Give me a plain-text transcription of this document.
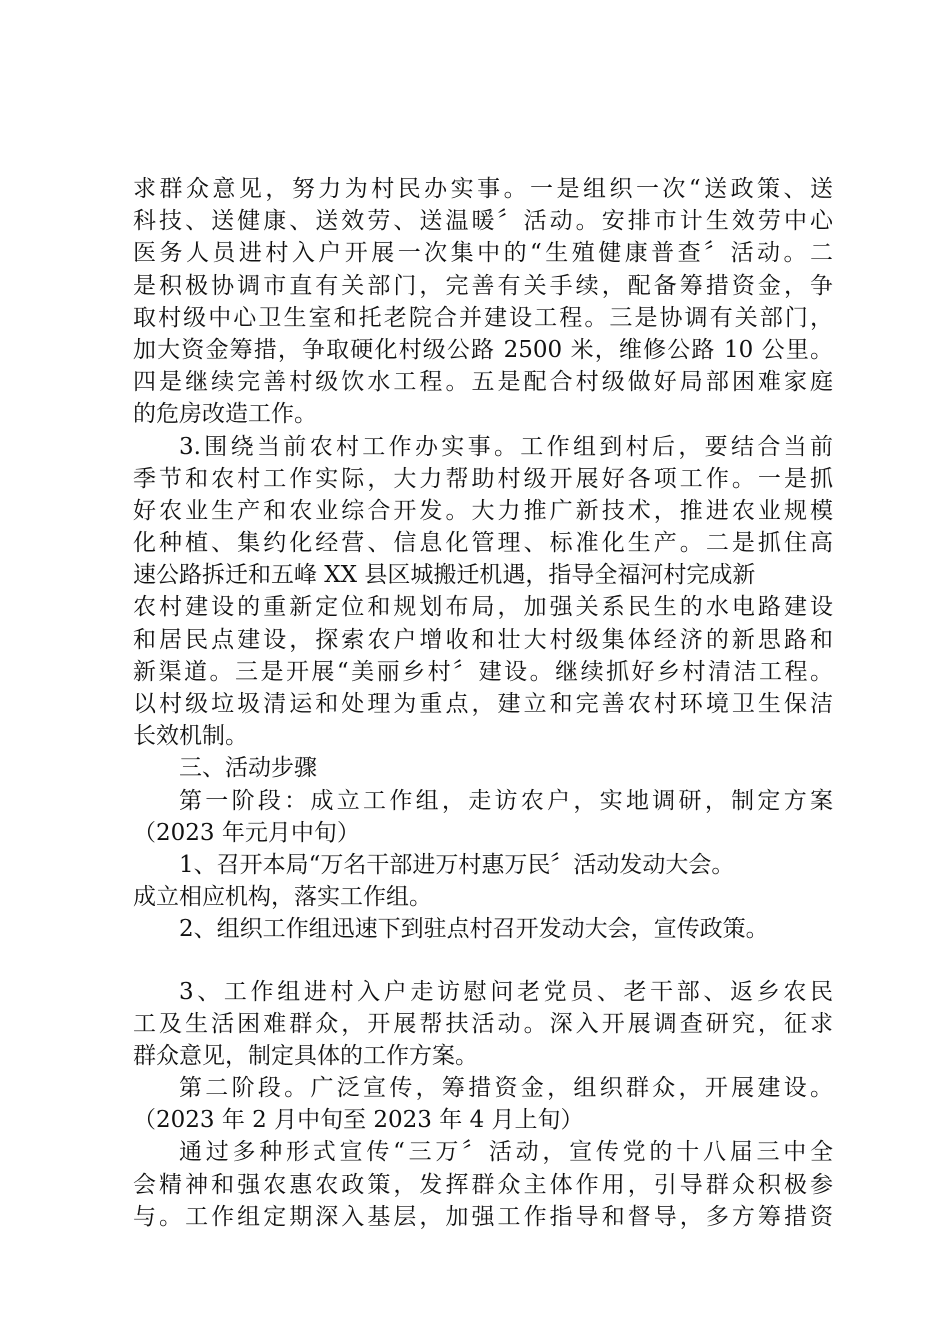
求群众意见，努力为村民办实事。一是组织一次“送政策、送
科技、送健康、送效劳、送温暖〞活动。安排市计生效劳中心
医务人员进村入户开展一次集中的“生殖健康普查〞活动。二
是积极协调市直有关部门，完善有关手续，配备筹措资金，争
取村级中心卫生室和托老院合并建设工程。三是协调有关部门，
加大资金筹措，争取硬化村级公路 2500 米，维修公路 10 公里。
四是继续完善村级饮水工程。五是配合村级做好局部困难家庭
的危房改造工作。
3.围绕当前农村工作办实事。工作组到村后，要结合当前
季节和农村工作实际，大力帮助村级开展好各项工作。一是抓
好农业生产和农业综合开发。大力推广新技术，推进农业规模
化种植、集约化经营、信息化管理、标准化生产。二是抓住高
速公路拆迁和五峰 XX 县区城搬迁机遇，指导全福河村完成新
农村建设的重新定位和规划布局，加强关系民生的水电路建设
和居民点建设，探索农户增收和壮大村级集体经济的新思路和
新渠道。三是开展“美丽乡村〞建设。继续抓好乡村清洁工程。
以村级垃圾清运和处理为重点，建立和完善农村环境卫生保洁
长效机制。
三、活动步骤
第一阶段：成立工作组，走访农户，实地调研，制定方案
（2023 年元月中旬）
1、召开本局“万名干部进万村惠万民〞活动发动大会。
成立相应机构，落实工作组。
2、组织工作组迅速下到驻点村召开发动大会，宣传政策。
3、工作组进村入户走访慰问老党员、老干部、返乡农民
工及生活困难群众，开展帮扶活动。深入开展调查研究，征求
群众意见，制定具体的工作方案。
第二阶段。广泛宣传，筹措资金，组织群众，开展建设。
（2023 年 2 月中旬至 2023 年 4 月上旬）
通过多种形式宣传“三万〞活动，宣传党的十八届三中全
会精神和强农惠农政策，发挥群众主体作用，引导群众积极参
与。工作组定期深入基层，加强工作指导和督导，多方筹措资
